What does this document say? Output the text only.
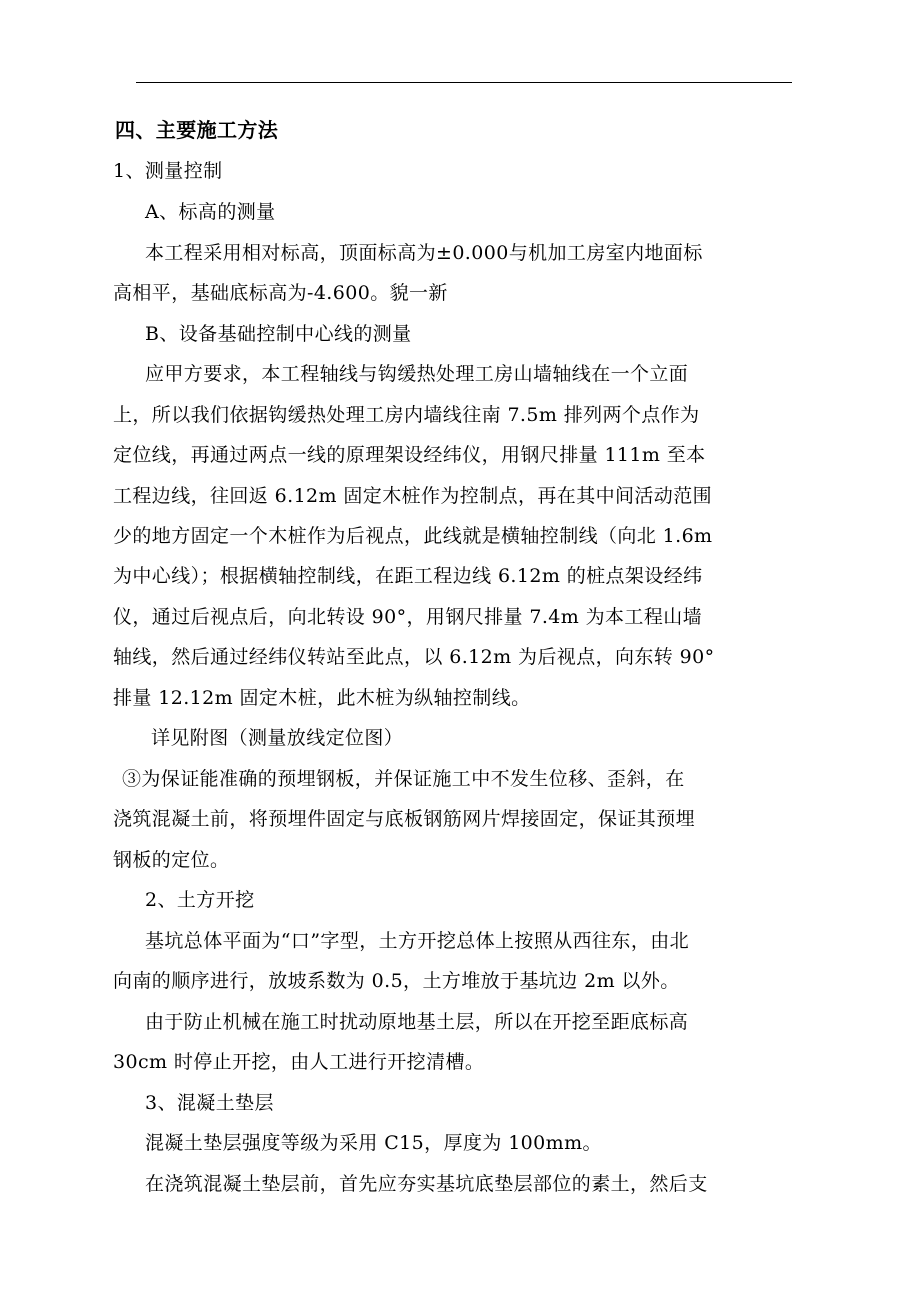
四、主要施工方法
1、测量控制
A、标高的测量
本工程采用相对标高，顶面标高为±0.000与机加工房室内地面标
高相平，基础底标高为-4.600。貌一新
B、设备基础控制中心线的测量
应甲方要求，本工程轴线与钩缓热处理工房山墙轴线在一个立面
上，所以我们依据钩缓热处理工房内墙线往南 7.5m 排列两个点作为
定位线，再通过两点一线的原理架设经纬仪，用钢尺排量 111m 至本
工程边线，往回返 6.12m 固定木桩作为控制点，再在其中间活动范围
少的地方固定一个木桩作为后视点，此线就是横轴控制线（向北 1.6m
为中心线）；根据横轴控制线，在距工程边线 6.12m 的桩点架设经纬
仪，通过后视点后，向北转设 90°，用钢尺排量 7.4m 为本工程山墙
轴线，然后通过经纬仪转站至此点，以 6.12m 为后视点，向东转 90°
排量 12.12m 固定木桩，此木桩为纵轴控制线。
详见附图（测量放线定位图）
③为保证能准确的预埋钢板，并保证施工中不发生位移、歪斜，在
浇筑混凝土前，将预埋件固定与底板钢筋网片焊接固定，保证其预埋
钢板的定位。
2、土方开挖
基坑总体平面为“口”字型，土方开挖总体上按照从西往东，由北
向南的顺序进行，放坡系数为 0.5，土方堆放于基坑边 2m 以外。
由于防止机械在施工时扰动原地基土层，所以在开挖至距底标高
30cm 时停止开挖，由人工进行开挖清槽。
3、混凝土垫层
混凝土垫层强度等级为采用 C15，厚度为 100mm。
在浇筑混凝土垫层前，首先应夯实基坑底垫层部位的素土，然后支
